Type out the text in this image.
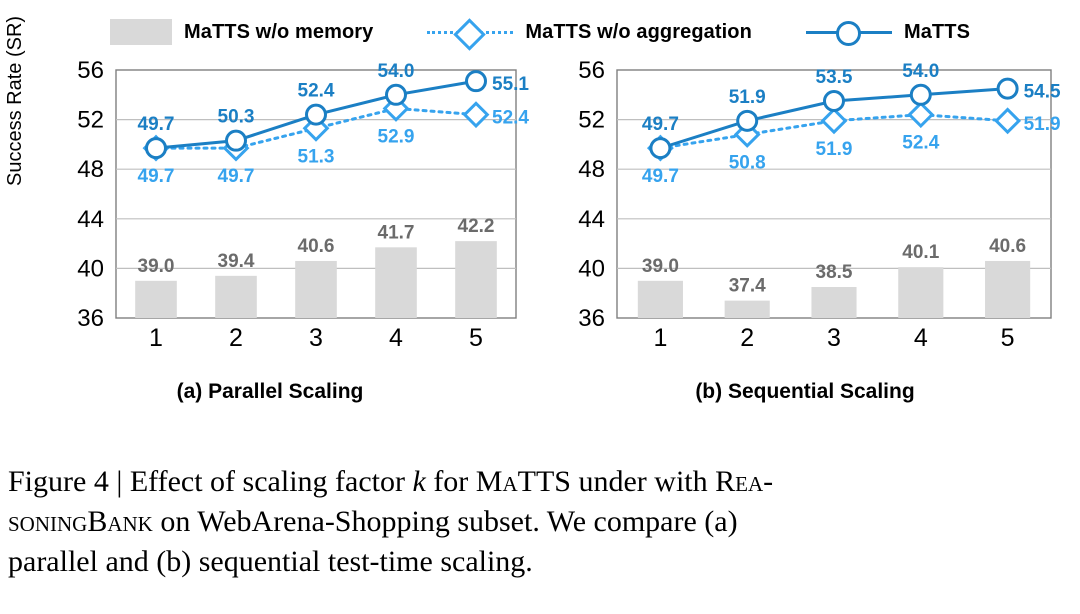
MaTTS w/o memory	MaTTS w/o aggregation	MaTTS
Success Rate (SR)
36
40
44
48
52
56
39.0 39.4
40.6
41.7 42.2
1	2	3	4	5
49.7 49.7
51.3
52.9
52.4
49.7 50.3
52.4
54.0
55.1
(a) Parallel Scaling
36
40
44
48
52
56
39.0
37.4
38.5
40.1	40.6
1	2	3	4	5
49.7
50.8
51.9	52.4
51.9
49.7
51.9
53.5	54.0
54.5
(b) Sequential Scaling
Figure 4 | Effect of scaling factor k for MaTTS under with Rea-
soningBank on WebArena-Shopping subset. We compare (a)
parallel and (b) sequential test-time scaling.
